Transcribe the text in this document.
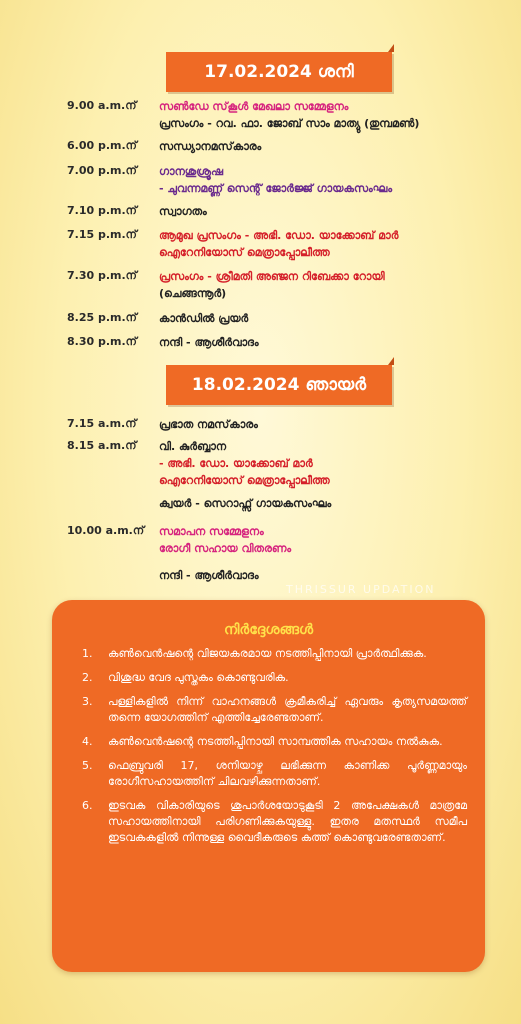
17.02.2024 ശനി
9.00 a.m.ന്	സൺഡേ സ്‌കൂൾ മേഖലാ സമ്മേളനം
പ്രസംഗം - റവ. ഫാ. ജോബ് സാം മാത്യു (തുമ്പമൺ)
6.00 p.m.ന്	സന്ധ്യാനമസ്‌കാരം
7.00 p.m.ന്	ഗാനശുശ്രൂഷ
- ചുവന്നമണ്ണ് സെന്റ് ജോർജ്ജ് ഗായകസംഘം
7.10 p.m.ന്	സ്വാഗതം
7.15 p.m.ന്	ആമുഖ പ്രസംഗം - അഭി. ഡോ. യാക്കോബ് മാർ
ഐറേനിയോസ് മെത്രാപ്പോലീത്ത
7.30 p.m.ന്	പ്രസംഗം - ശ്രീമതി അഞ്ജന റിബേക്കാ റോയി
(ചെങ്ങന്നൂർ)
8.25 p.m.ന്	കാൻഡിൽ പ്രയർ
8.30 p.m.ന്	നന്ദി - ആശീർവാദം
18.02.2024 ഞായർ
7.15 a.m.ന്	പ്രഭാത നമസ്‌കാരം
8.15 a.m.ന്	വി. കുർബ്ബാന
- അഭി. ഡോ. യാക്കോബ് മാർ
ഐറേനിയോസ് മെത്രാപ്പോലീത്ത
ക്വയർ - സെറാഫ്സ് ഗായകസംഘം
10.00 a.m.ന്	സമാപന സമ്മേളനം
രോഗീ സഹായ വിതരണം
നന്ദി - ആശീർവാദം
THRISSUR UPDATION
നിർദ്ദേശങ്ങൾ
1.	കൺവെൻഷന്റെ വിജയകരമായ നടത്തിപ്പിനായി പ്രാർത്ഥിക്കുക.
2.	വിശുദ്ധ വേദ പുസ്തകം കൊണ്ടുവരിക.
3.	പള്ളികളിൽ നിന്ന് വാഹനങ്ങൾ ക്രമീകരിച്ച് ഏവരും കൃത്യസമയത്ത് തന്നെ യോഗത്തിന് എത്തിച്ചേരേണ്ടതാണ്.
4.	കൺവെൻഷന്റെ നടത്തിപ്പിനായി സാമ്പത്തിക സഹായം നൽകുക.
5.	ഫെബ്രുവരി 17, ശനിയാഴ്ച ലഭിക്കുന്ന കാണിക്ക പൂർണ്ണമായും രോഗീസഹായത്തിന് ചിലവഴിക്കുന്നതാണ്.
6.	ഇടവക വികാരിയുടെ ശുപാർശയോടുകൂടി 2 അപേക്ഷകൾ മാത്രമേ സഹായത്തിനായി പരിഗണിക്കുകയുള്ളു. ഇതര മതസ്ഥർ സമീപ ഇടവകകളിൽ നിന്നുള്ള വൈദീകരുടെ കത്ത് കൊണ്ടുവരേണ്ടതാണ്.
